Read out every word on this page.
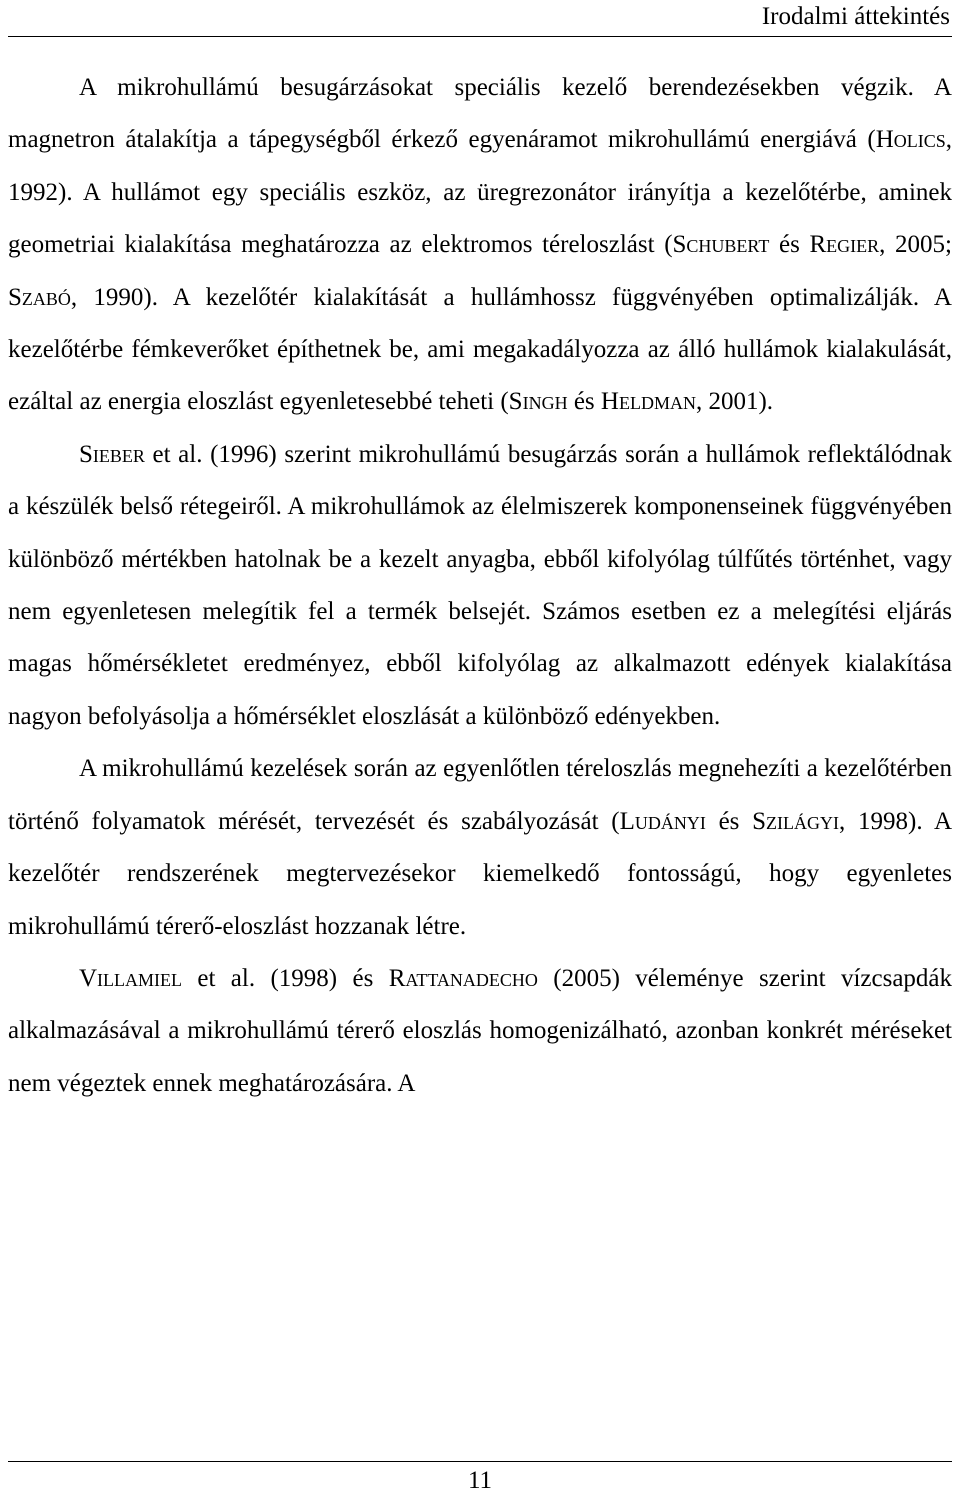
Irodalmi áttekintés

A mikrohullámú besugárzásokat speciális kezelő berendezésekben végzik. A magnetron átalakítja a tápegységből érkező egyenáramot mikrohullámú energiává (Holics, 1992). A hullámot egy speciális eszköz, az üregrezonátor irányítja a kezelőtérbe, aminek geometriai kialakítása meghatározza az elektromos téreloszlást (Schubert és Regier, 2005; Szabó, 1990). A kezelőtér kialakítását a hullámhossz függvényében optimalizálják. A kezelőtérbe fémkeverőket építhetnek be, ami megakadályozza az álló hullámok kialakulását, ezáltal az energia eloszlást egyenletesebbé teheti (Singh és Heldman, 2001).

Sieber et al. (1996) szerint mikrohullámú besugárzás során a hullámok reflektálódnak a készülék belső rétegeiről. A mikrohullámok az élelmiszerek komponenseinek függvényében különböző mértékben hatolnak be a kezelt anyagba, ebből kifolyólag túlfűtés történhet, vagy nem egyenletesen melegítik fel a termék belsejét. Számos esetben ez a melegítési eljárás magas hőmérsékletet eredményez, ebből kifolyólag az alkalmazott edények kialakítása nagyon befolyásolja a hőmérséklet eloszlását a különböző edényekben.

A mikrohullámú kezelések során az egyenlőtlen téreloszlás megnehezíti a kezelőtérben történő folyamatok mérését, tervezését és szabályozását (Ludányi és Szilágyi, 1998). A kezelőtér rendszerének megtervezésekor kiemelkedő fontosságú, hogy egyenletes mikrohullámú térerő-eloszlást hozzanak létre.

Villamiel et al. (1998) és Rattanadecho (2005) véleménye szerint vízcsapdák alkalmazásával a mikrohullámú térerő eloszlás homogenizálható, azonban konkrét méréseket nem végeztek ennek meghatározására. A

11
